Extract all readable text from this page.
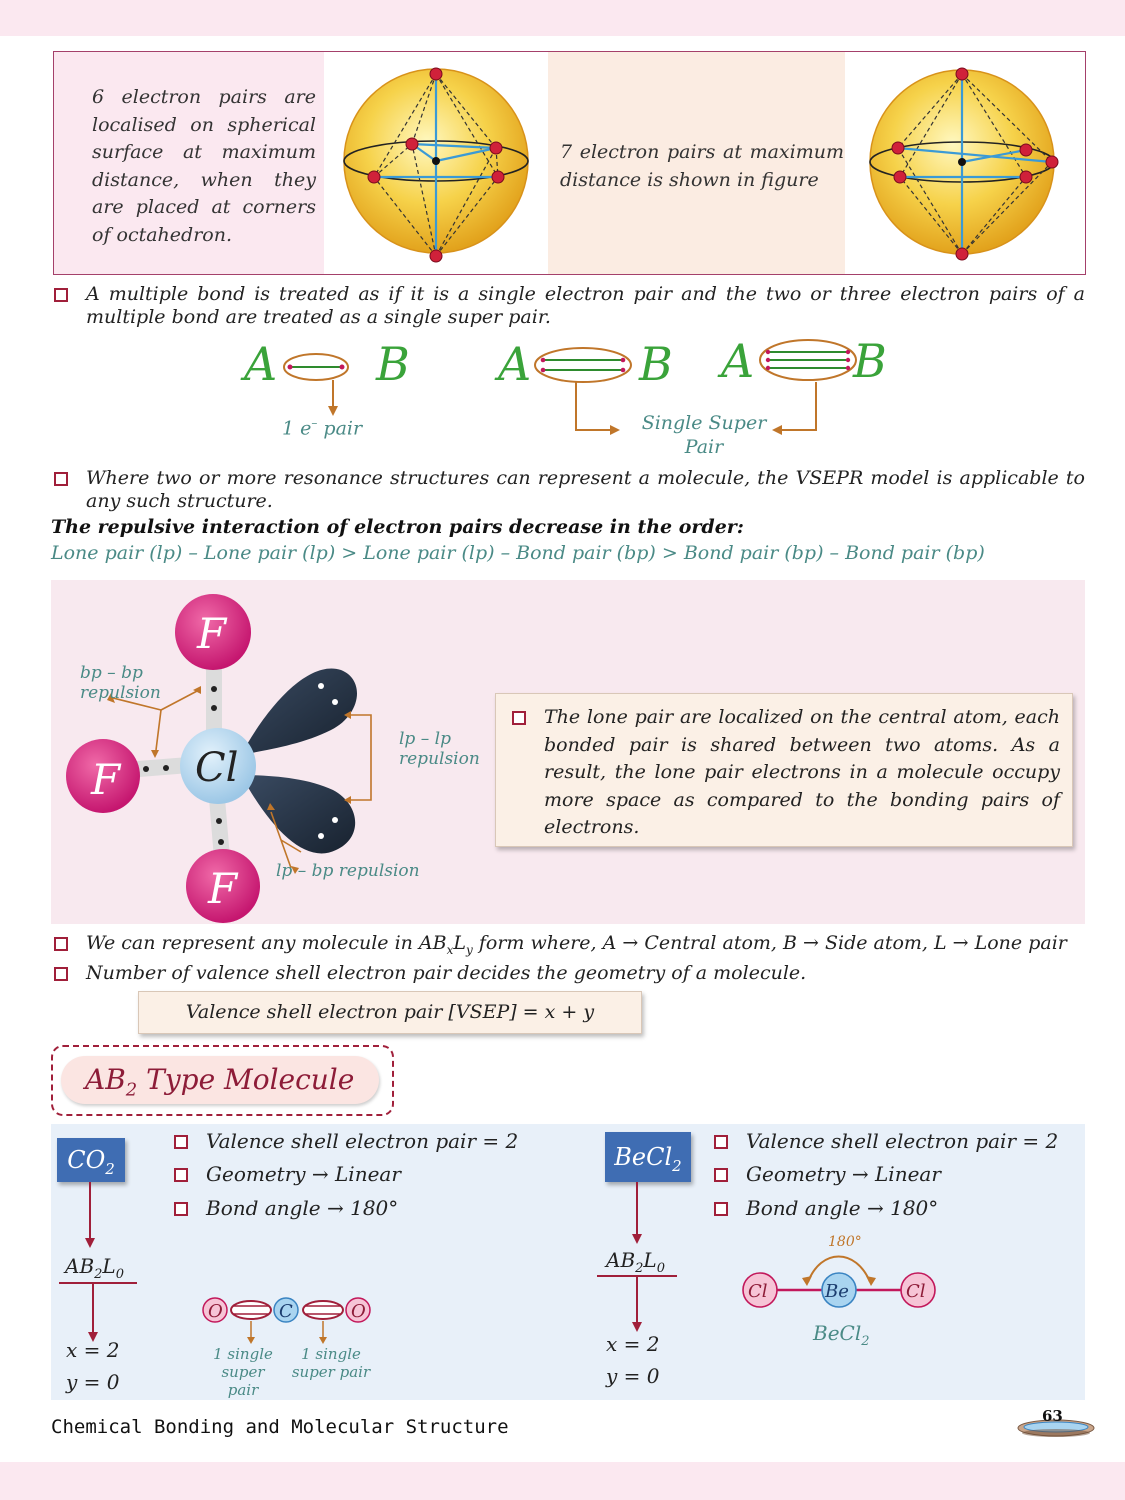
6 electron pairs are localised on spherical surface at maximum distance, when they are placed at corners of octahedron.
7 electron pairs at maximum distance is shown in figure
A multiple bond is treated as if it is a single electron pair and the two or three electron pairs of a multiple bond are treated as a single super pair.
A B A B A B
1 e– pair	Single Super
Pair
Where two or more resonance structures can represent a molecule, the VSEPR model is applicable to any such structure.
The repulsive interaction of electron pairs decrease in the order:
Lone pair (lp) – Lone pair (lp) > Lone pair (lp) – Bond pair (bp) > Bond pair (bp) – Bond pair (bp)
F
F
F
Cl
bp – bp
repulsion
lp – lp
repulsion
lp – bp repulsion
The lone pair are localized on the central atom, each bonded pair is shared between two atoms. As a result, the lone pair electrons in a molecule occupy more space as compared to the bonding pairs of electrons.
We can represent any molecule in $AB_xL_y$ form where, A → Central atom, B → Side atom, L → Lone pair
Number of valence shell electron pair decides the geometry of a molecule.
Valence shell electron pair [VSEP] = x + y
$AB_2$ Type Molecule
$CO_2$
$AB_2L_0$
x = 2
y = 0
Valence shell electron pair = 2
Geometry → Linear
Bond angle → 180°
O	C	O
1 single
super pair
1 single
super pair
BeCl$_2$
$AB_2L_0$
x = 2
y = 0
Valence shell electron pair = 2
Geometry → Linear
Bond angle → 180°
180°
Cl	Be	Cl
BeCl$_2$
Chemical Bonding and Molecular Structure	63
